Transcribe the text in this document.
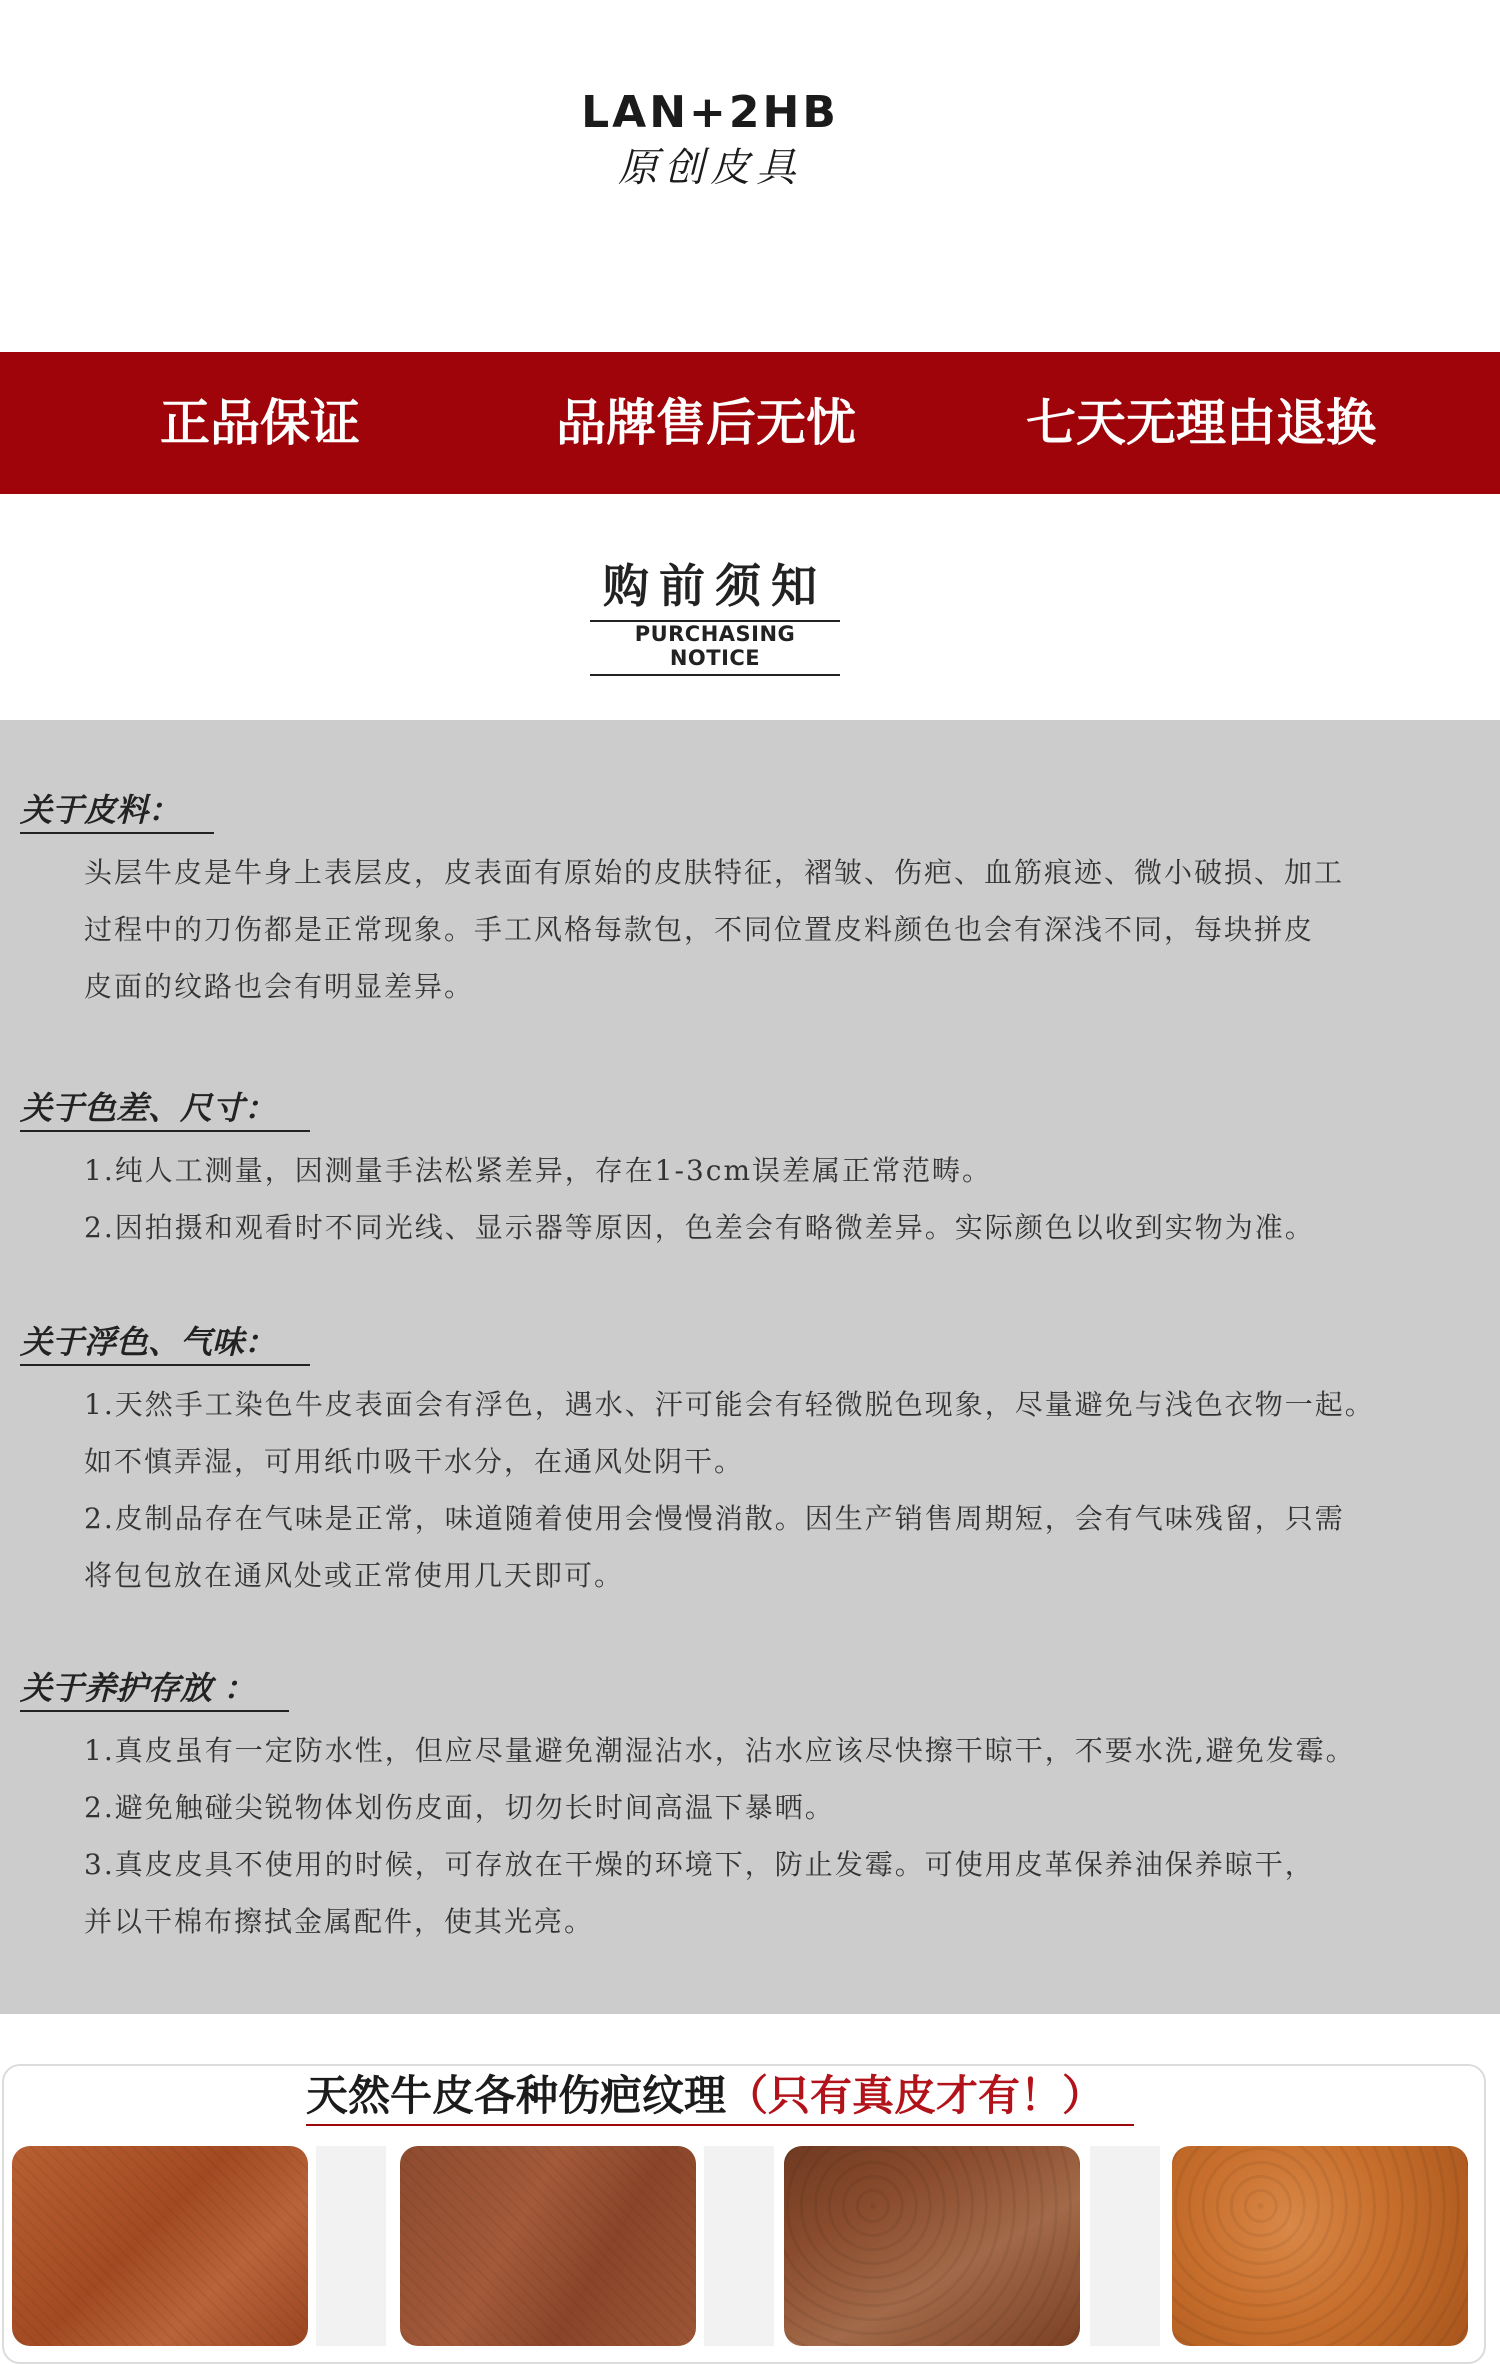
LAN+2HB
原创皮具
正品保证	品牌售后无忧	七天无理由退换
购前须知
PURCHASING NOTICE
关于皮料：
头层牛皮是牛身上表层皮，皮表面有原始的皮肤特征，褶皱、伤疤、血筋痕迹、微小破损、加工
过程中的刀伤都是正常现象。手工风格每款包，不同位置皮料颜色也会有深浅不同，每块拼皮
皮面的纹路也会有明显差异。
关于色差、尺寸：
1.纯人工测量，因测量手法松紧差异，存在1-3cm误差属正常范畴。
2.因拍摄和观看时不同光线、显示器等原因，色差会有略微差异。实际颜色以收到实物为准。
关于浮色、气味：
1.天然手工染色牛皮表面会有浮色，遇水、汗可能会有轻微脱色现象，尽量避免与浅色衣物一起。
如不慎弄湿，可用纸巾吸干水分，在通风处阴干。
2.皮制品存在气味是正常，味道随着使用会慢慢消散。因生产销售周期短，会有气味残留，只需
将包包放在通风处或正常使用几天即可。
关于养护存放 ：
1.真皮虽有一定防水性，但应尽量避免潮湿沾水，沾水应该尽快擦干晾干，不要水洗,避免发霉。
2.避免触碰尖锐物体划伤皮面，切勿长时间高温下暴晒。
3.真皮皮具不使用的时候，可存放在干燥的环境下，防止发霉。可使用皮革保养油保养晾干，
并以干棉布擦拭金属配件，使其光亮。
天然牛皮各种伤疤纹理（只有真皮才有！）
